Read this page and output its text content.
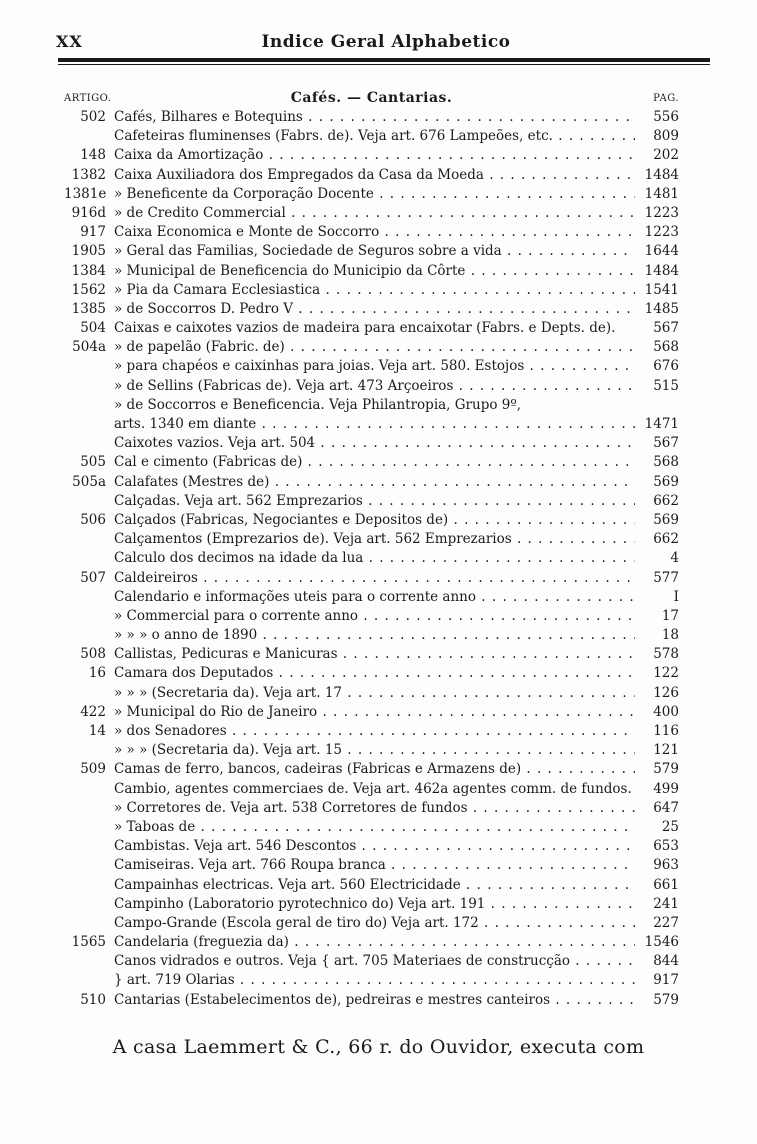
XX	Indice Geral Alphabetico
ARTIGO.	Cafés. — Cantarias.	PAG.
502 Cafés, Bilhares e Botequins . . .	556
Cafeteiras fluminenses (Fabrs. de). Veja art. 676 Lampeões, etc. . . .	809
148 Caixa da Amortização . . .	202
1382 Caixa Auxiliadora dos Empregados da Casa da Moeda . . .	1484
1381e » Beneficente da Corporação Docente . . .	1481
916d » de Credito Commercial . . .	1223
917 Caixa Economica e Monte de Soccorro . . .	1223
1905 » Geral das Familias, Sociedade de Seguros sobre a vida . . .	1644
1384 » Municipal de Beneficencia do Municipio da Côrte . . .	1484
1562 » Pia da Camara Ecclesiastica . . .	1541
1385 » de Soccorros D. Pedro V . . .	1485
504 Caixas e caixotes vazios de madeira para encaixotar (Fabrs. e Depts. de).	567
504a » de papelão (Fabric. de) . . .	568
» para chapéos e caixinhas para joias. Veja art. 580. Estojos . . .	676
» de Sellins (Fabricas de). Veja art. 473 Arçoeiros . . .	515
» de Soccorros e Beneficencia. Veja Philantropia, Grupo 9º,
arts. 1340 em diante . . .	1471
Caixotes vazios. Veja art. 504 . . .	567
505 Cal e cimento (Fabricas de) . . .	568
505a Calafates (Mestres de) . . .	569
Calçadas. Veja art. 562 Emprezarios . . .	662
506 Calçados (Fabricas, Negociantes e Depositos de) . . .	569
Calçamentos (Emprezarios de). Veja art. 562 Emprezarios . . .	662
Calculo dos decimos na idade da lua . . .	4
507 Caldeireiros . . .	577
Calendario e informações uteis para o corrente anno . . .	I
» Commercial para o corrente anno . . .	17
» » » o anno de 1890 . . .	18
508 Callistas, Pedicuras e Manicuras . . .	578
16 Camara dos Deputados . . .	122
» » » (Secretaria da). Veja art. 17 . . .	126
422 » Municipal do Rio de Janeiro . . .	400
14 » dos Senadores . . .	116
» » » (Secretaria da). Veja art. 15 . . .	121
509 Camas de ferro, bancos, cadeiras (Fabricas e Armazens de) . . .	579
Cambio, agentes commerciaes de. Veja art. 462a agentes comm. de fundos.	499
» Corretores de. Veja art. 538 Corretores de fundos . . .	647
» Taboas de . . .	25
Cambistas. Veja art. 546 Descontos . . .	653
Camiseiras. Veja art. 766 Roupa branca . . .	963
Campainhas electricas. Veja art. 560 Electricidade . . .	661
Campinho (Laboratorio pyrotechnico do) Veja art. 191 . . .	241
Campo-Grande (Escola geral de tiro do) Veja art. 172 . . .	227
1565 Candelaria (freguezia da) . . .	1546
Canos vidrados e outros. Veja { art. 705 Materiaes de construcção . . .	844
} art. 719 Olarias . . .	917
510 Cantarias (Estabelecimentos de), pedreiras e mestres canteiros . . .	579
A casa Laemmert & C., 66 r. do Ouvidor, executa com
